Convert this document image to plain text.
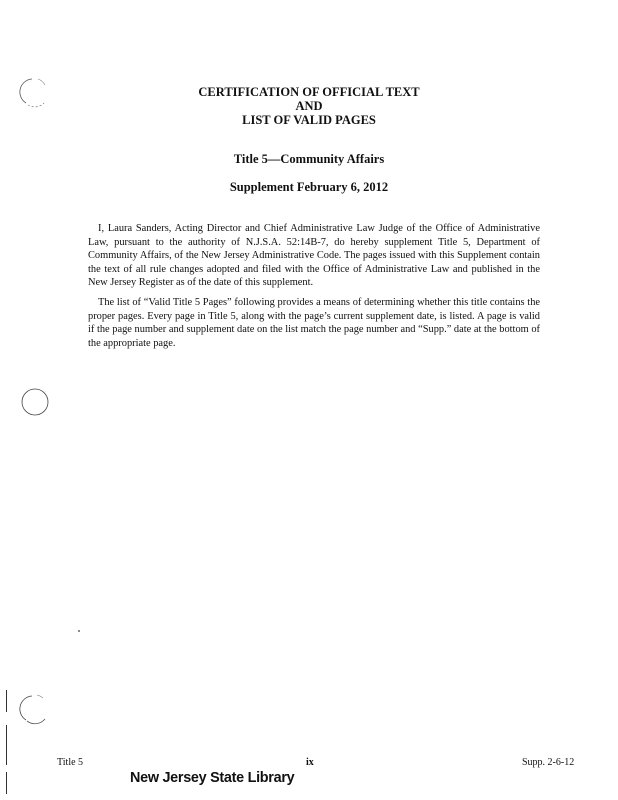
CERTIFICATION OF OFFICIAL TEXT
AND
LIST OF VALID PAGES
Title 5—Community Affairs
Supplement February 6, 2012

I, Laura Sanders, Acting Director and Chief Administrative Law Judge of the Office of Administrative Law, pursuant to the authority of N.J.S.A. 52:14B-7, do hereby supplement Title 5, Department of Community Affairs, of the New Jersey Administrative Code. The pages issued with this Supplement contain the text of all rule changes adopted and filed with the Office of Administrative Law and published in the New Jersey Register as of the date of this supplement.

The list of “Valid Title 5 Pages” following provides a means of determining whether this title contains the proper pages. Every page in Title 5, along with the page’s current supplement date, is listed. A page is valid if the page number and supplement date on the list match the page number and “Supp.” date at the bottom of the appropriate page.

Title 5	ix	Supp. 2-6-12
New Jersey State Library
